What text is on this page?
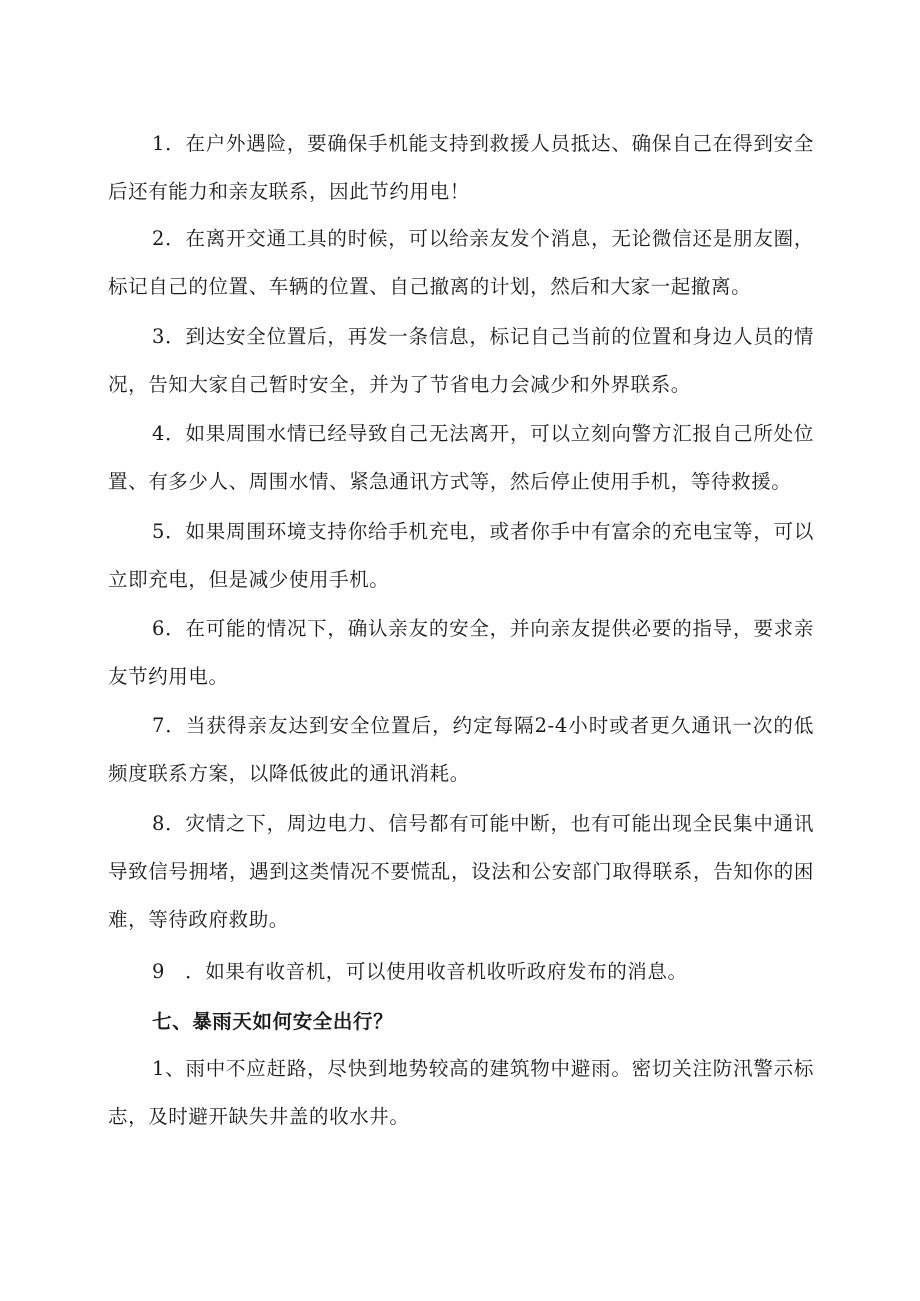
1．在户外遇险，要确保手机能支持到救援人员抵达、确保自己在得到安全后还有能力和亲友联系，因此节约用电！

2．在离开交通工具的时候，可以给亲友发个消息，无论微信还是朋友圈，标记自己的位置、车辆的位置、自己撤离的计划，然后和大家一起撤离。

3．到达安全位置后，再发一条信息，标记自己当前的位置和身边人员的情况，告知大家自己暂时安全，并为了节省电力会减少和外界联系。

4．如果周围水情已经导致自己无法离开，可以立刻向警方汇报自己所处位置、有多少人、周围水情、紧急通讯方式等，然后停止使用手机，等待救援。

5．如果周围环境支持你给手机充电，或者你手中有富余的充电宝等，可以立即充电，但是减少使用手机。

6．在可能的情况下，确认亲友的安全，并向亲友提供必要的指导，要求亲友节约用电。

7．当获得亲友达到安全位置后，约定每隔2-4小时或者更久通讯一次的低频度联系方案，以降低彼此的通讯消耗。

8．灾情之下，周边电力、信号都有可能中断，也有可能出现全民集中通讯导致信号拥堵，遇到这类情况不要慌乱，设法和公安部门取得联系，告知你的困难，等待政府救助。

9　．如果有收音机，可以使用收音机收听政府发布的消息。

七、暴雨天如何安全出行？

1、雨中不应赶路，尽快到地势较高的建筑物中避雨。密切关注防汛警示标志，及时避开缺失井盖的收水井。
